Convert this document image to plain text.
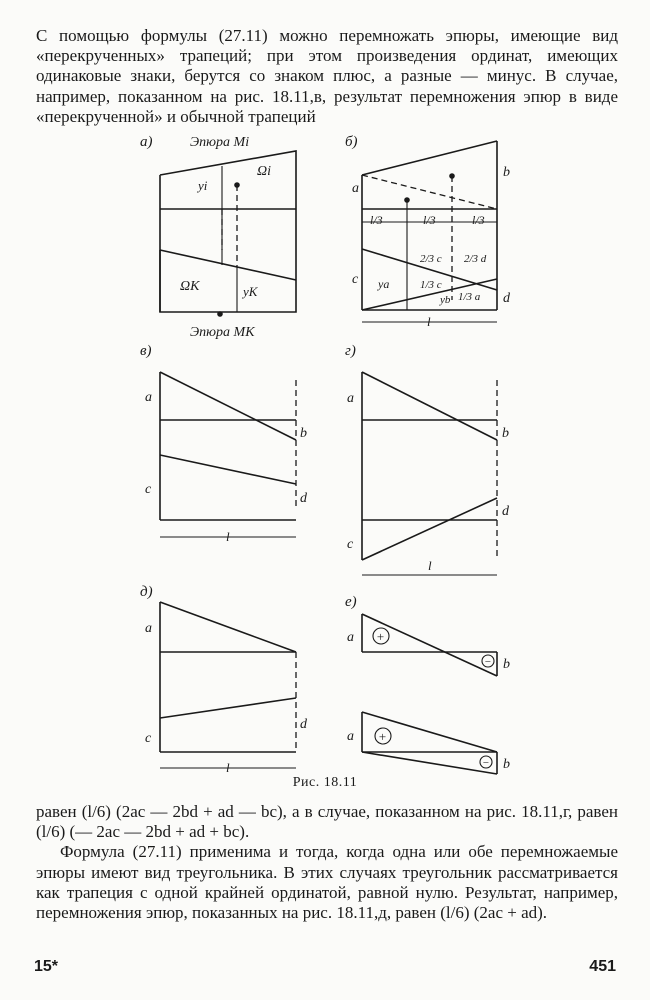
С помощью формулы (27.11) можно перемножать эпюры, имеющие вид «перекрученных» трапеций; при этом произведения ординат, имеющих одинаковые знаки, берутся со знаком плюс, а разные — минус. В случае, например, показанном на рис. 18.11,в, результат перемножения эпюр в виде «перекрученной» и обычной трапеций

а)	Эпюра Mi
yi
Ωi
ΩK	yK
Эпюра MK
б)
l/3	l/3	l/3
a
b
c
d
ya
yb
2/3 c
1/3 c
2/3 d
1/3 a
l
в)
a
b
c
d
l
г)
a
b
c
d
l
д)
a
c
d
l
е)
+
−
a
b
+
−
a
b
Рис. 18.11

равен (l/6) (2ac — 2bd + ad — bc), а в случае, показанном на рис. 18.11,г, равен (l/6) (— 2ac — 2bd + ad + bc).
Формула (27.11) применима и тогда, когда одна или обе перемножаемые эпюры имеют вид треугольника. В этих случаях треугольник рассматривается как трапеция с одной крайней ординатой, равной нулю. Результат, например, перемножения эпюр, показанных на рис. 18.11,д, равен (l/6) (2ac + ad).

15*	451
